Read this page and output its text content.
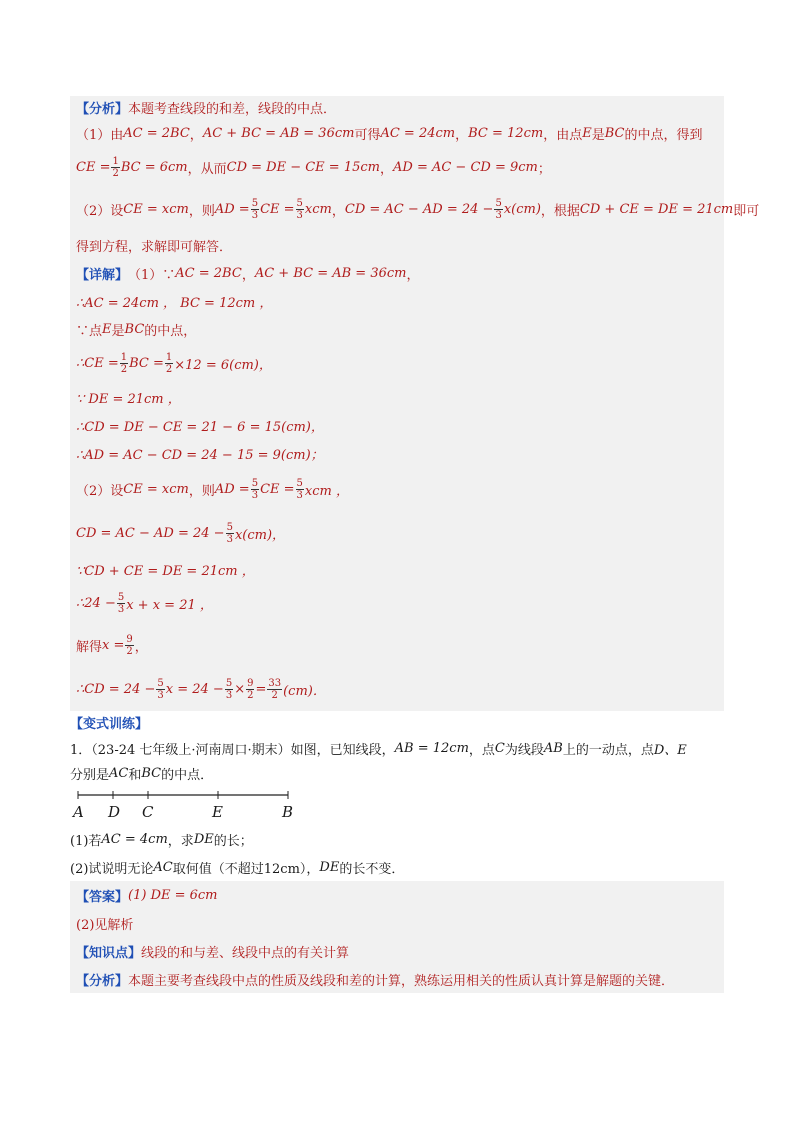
【分析】 本题考查线段的和差，线段的中点．
（1）由 AC = 2BC ， AC + BC = AB = 36cm 可得 AC = 24cm ， BC = 12cm ，由点 E 是 BC 的中点，得到
CE = $\frac{1}{2}$ BC = 6cm ，从而 CD = DE − CE = 15cm ， AD = AC − CD = 9cm ；
（2）设 CE = xcm ，则 AD = $\frac{5}{3}$ CE = $\frac{5}{3}$ xcm ， CD = AC − AD = $24 - \frac{5}{3} x(cm)$ ，根据 CD + CE = DE = 21cm 即可
得到方程，求解即可解答．
【详解】 （1）∵ AC = 2BC ， AC + BC = AB = 36cm ，
∴AC = 24cm ， BC = 12cm ，
∵点 E 是 BC 的中点，
∴CE = $\frac{1}{2}$ BC = $\frac{1}{2} \times 12 = 6(cm)$，
∵ DE = 21cm ，
∴CD = DE − CE = 21 − 6 = 15(cm)，
∴AD = AC − CD = 24 − 15 = 9(cm)；
（2）设 CE = xcm ，则 AD = $\frac{5}{3}$ CE = $\frac{5}{3}$ xcm ，
CD = AC − AD = $24 - \frac{5}{3} x(cm)$，
∵CD + CE = DE = 21cm ，
∴24 − $\frac{5}{3}$ x + x = 21 ，
解得 $x = \frac{9}{2}$ ，
∴CD = $24 - \frac{5}{3}$ $x = 24 - \frac{5}{3} \times \frac{9}{2} = \frac{33}{2} (cm)$．
【变式训练】
1．（23-24 七年级上·河南周口·期末）如图，已知线段， AB = 12cm ，点 C 为线段 AB 上的一动点，点 D、E
分别是 AC 和 BC 的中点．
A D C	E	B
(1)若 AC = 4cm ，求 DE 的长；
(2)试说明无论 AC 取何值（不超过12cm）， DE 的长不变．
【答案】 (1) DE = 6cm
(2)见解析
【知识点】 线段的和与差、线段中点的有关计算
【分析】 本题主要考查线段中点的性质及线段和差的计算，熟练运用相关的性质认真计算是解题的关键．
